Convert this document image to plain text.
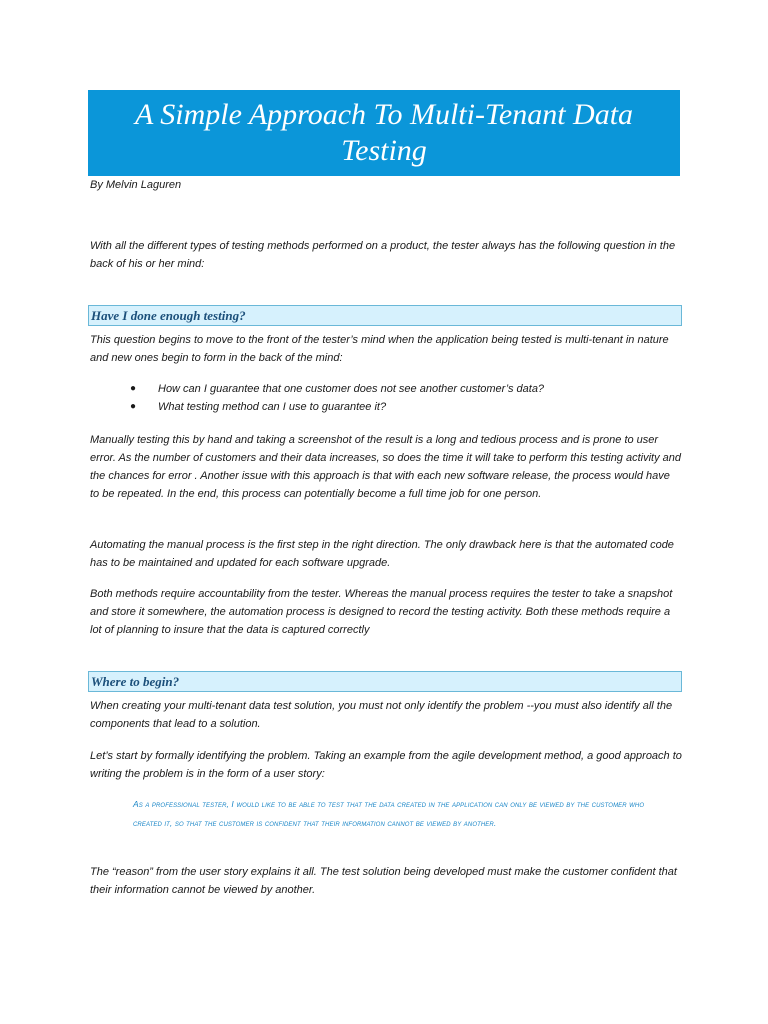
A Simple Approach To Multi-Tenant Data Testing
By Melvin Laguren

With all the different types of testing methods performed on a product, the tester always has the following question in the back of his or her mind:

Have I done enough testing?

This question begins to move to the front of the tester’s mind when the application being tested is multi-tenant in nature and new ones begin to form in the back of the mind:

●	How can I guarantee that one customer does not see another customer’s data?
●	What testing method can I use to guarantee it?

Manually testing this by hand and taking a screenshot of the result is a long and tedious process and is prone to user error. As the number of customers and their data increases, so does the time it will take to perform this testing activity and the chances for error . Another issue with this approach is that with each new software release, the process would have to be repeated. In the end, this process can potentially become a full time job for one person.

Automating the manual process is the first step in the right direction. The only drawback here is that the automated code has to be maintained and updated for each software upgrade.

Both methods require accountability from the tester. Whereas the manual process requires the tester to take a snapshot and store it somewhere, the automation process is designed to record the testing activity. Both these methods require a lot of planning to insure that the data is captured correctly

Where to begin?

When creating your multi-tenant data test solution, you must not only identify the problem --you must also identify all the components that lead to a solution.

Let’s start by formally identifying the problem. Taking an example from the agile development method, a good approach to writing the problem is in the form of a user story:

As a professional tester, I would like to be able to test that the data created in the application can only be viewed by the customer who created it, so that the customer is confident that their information cannot be viewed by another.

The “reason” from the user story explains it all. The test solution being developed must make the customer confident that their information cannot be viewed by another.
